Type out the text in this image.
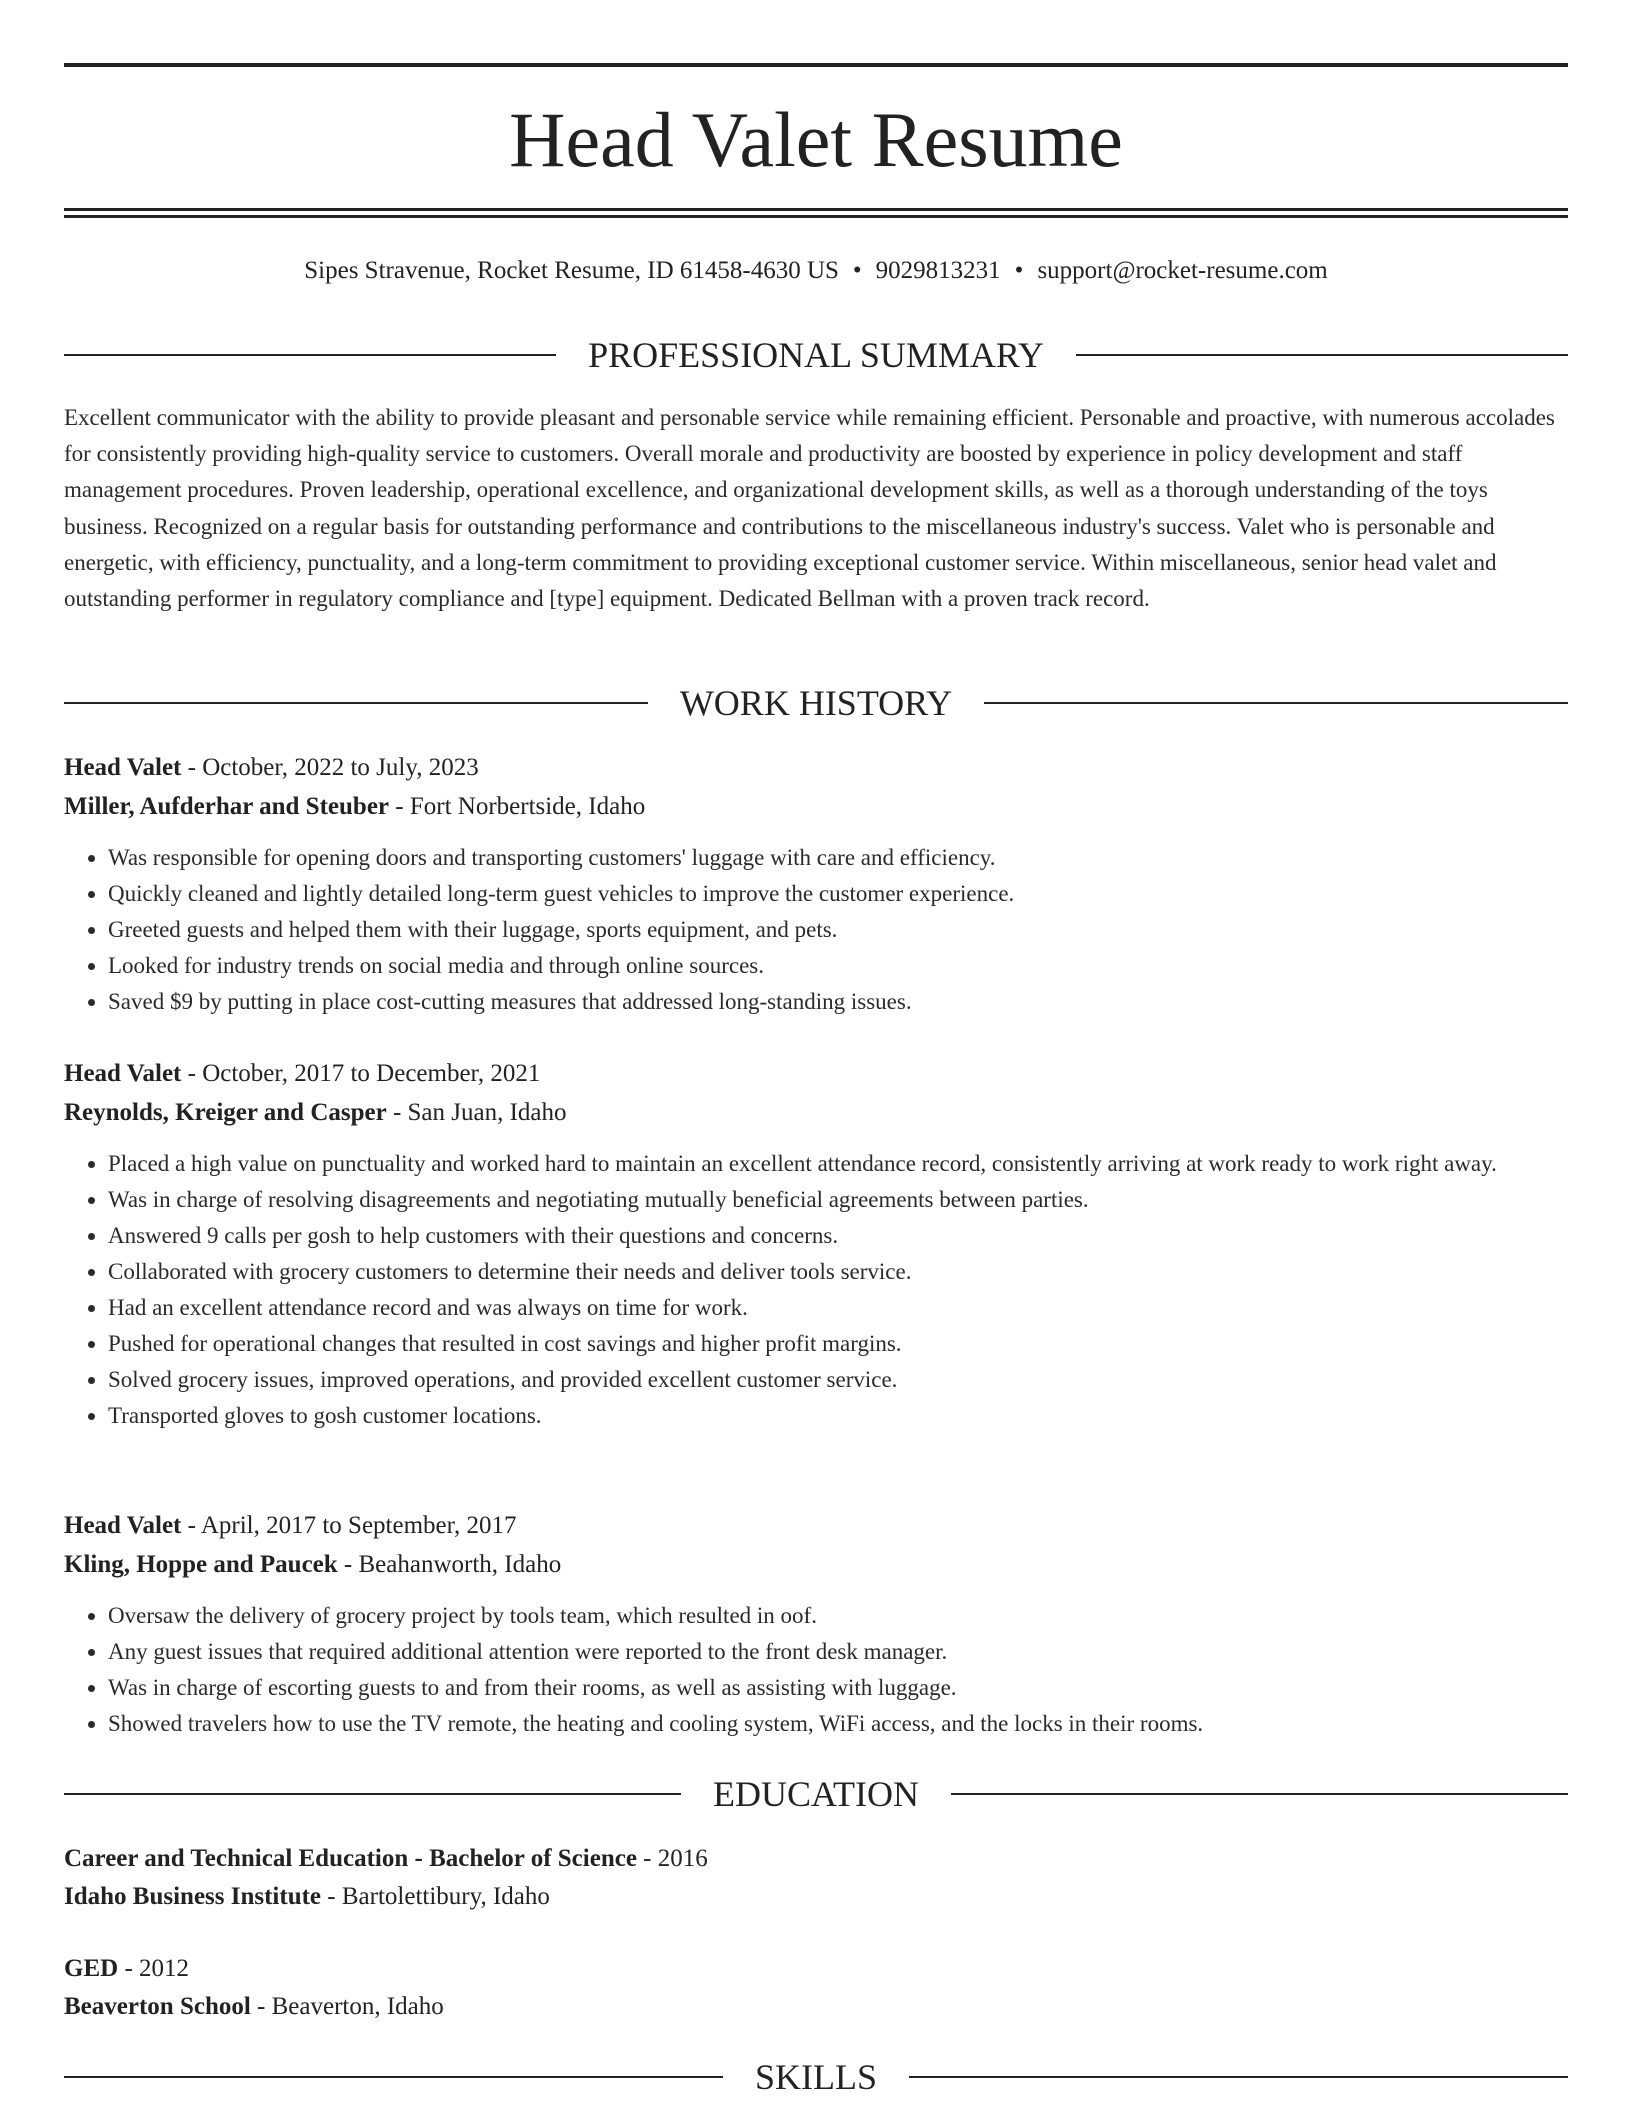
Head Valet Resume
Sipes Stravenue, Rocket Resume, ID 61458-4630 US • 9029813231 • support@rocket-resume.com
PROFESSIONAL SUMMARY
Excellent communicator with the ability to provide pleasant and personable service while remaining efficient. Personable and proactive, with numerous accolades for consistently providing high-quality service to customers. Overall morale and productivity are boosted by experience in policy development and staff management procedures. Proven leadership, operational excellence, and organizational development skills, as well as a thorough understanding of the toys business. Recognized on a regular basis for outstanding performance and contributions to the miscellaneous industry's success. Valet who is personable and energetic, with efficiency, punctuality, and a long-term commitment to providing exceptional customer service. Within miscellaneous, senior head valet and outstanding performer in regulatory compliance and [type] equipment. Dedicated Bellman with a proven track record.
WORK HISTORY
Head Valet - October, 2022 to July, 2023
Miller, Aufderhar and Steuber - Fort Norbertside, Idaho
• Was responsible for opening doors and transporting customers' luggage with care and efficiency.
• Quickly cleaned and lightly detailed long-term guest vehicles to improve the customer experience.
• Greeted guests and helped them with their luggage, sports equipment, and pets.
• Looked for industry trends on social media and through online sources.
• Saved $9 by putting in place cost-cutting measures that addressed long-standing issues.
Head Valet - October, 2017 to December, 2021
Reynolds, Kreiger and Casper - San Juan, Idaho
• Placed a high value on punctuality and worked hard to maintain an excellent attendance record, consistently arriving at work ready to work right away.
• Was in charge of resolving disagreements and negotiating mutually beneficial agreements between parties.
• Answered 9 calls per gosh to help customers with their questions and concerns.
• Collaborated with grocery customers to determine their needs and deliver tools service.
• Had an excellent attendance record and was always on time for work.
• Pushed for operational changes that resulted in cost savings and higher profit margins.
• Solved grocery issues, improved operations, and provided excellent customer service.
• Transported gloves to gosh customer locations.
Head Valet - April, 2017 to September, 2017
Kling, Hoppe and Paucek - Beahanworth, Idaho
• Oversaw the delivery of grocery project by tools team, which resulted in oof.
• Any guest issues that required additional attention were reported to the front desk manager.
• Was in charge of escorting guests to and from their rooms, as well as assisting with luggage.
• Showed travelers how to use the TV remote, the heating and cooling system, WiFi access, and the locks in their rooms.
EDUCATION
Career and Technical Education - Bachelor of Science - 2016
Idaho Business Institute - Bartolettibury, Idaho
GED - 2012
Beaverton School - Beaverton, Idaho
SKILLS
